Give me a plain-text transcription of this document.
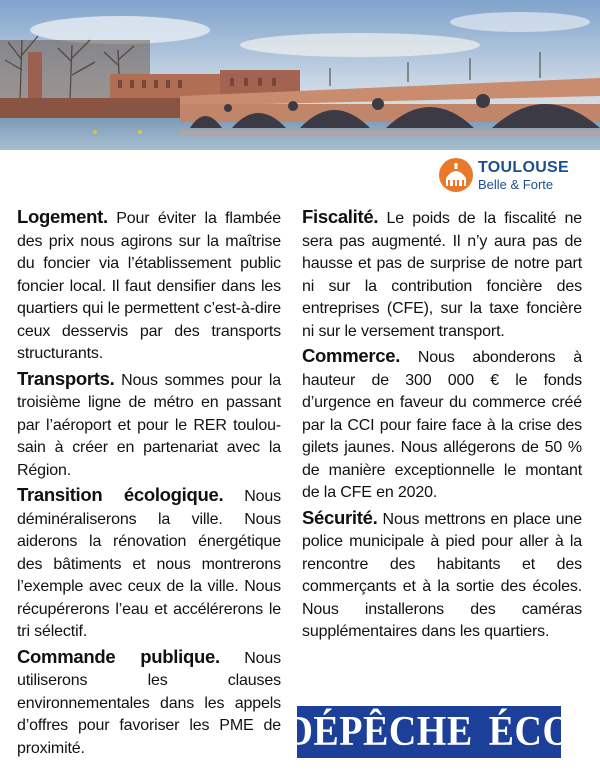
TOULOUSE
Belle & Forte

Logement. Pour éviter la flambée des prix nous agirons sur la maîtrise du foncier via l’établissement public foncier local. Il faut densifier dans les quartiers qui le permettent c’est-à-dire ceux desservis par des transports structurants.

Transports. Nous sommes pour la troisième ligne de métro en passant par l’aéroport et pour le RER toulou-sain à créer en partenariat avec la Région.

Transition écologique. Nous déminéraliserons la ville. Nous aiderons la rénovation énergétique des bâtiments et nous montrerons l’exemple avec ceux de la ville. Nous récupérerons l’eau et accélérerons le tri sélectif.

Commande publique. Nous utiliserons les clauses environnementales dans les appels d’offres pour favoriser les PME de proximité.

Fiscalité. Le poids de la fiscalité ne sera pas augmenté. Il n’y aura pas de hausse et pas de surprise de notre part ni sur la contribution foncière des entreprises (CFE), sur la taxe foncière ni sur le versement transport.

Commerce. Nous abonderons à hauteur de 300 000 € le fonds d’urgence en faveur du commerce créé par la CCI pour faire face à la crise des gilets jaunes. Nous allégerons de 50 % de manière exceptionnelle le montant de la CFE en 2020.

Sécurité. Nous mettrons en place une police municipale à pied pour aller à la rencontre des habitants et des commerçants et à la sortie des écoles. Nous installerons des caméras supplémentaires dans les quartiers.

DÉPÊCHE ÉCO
